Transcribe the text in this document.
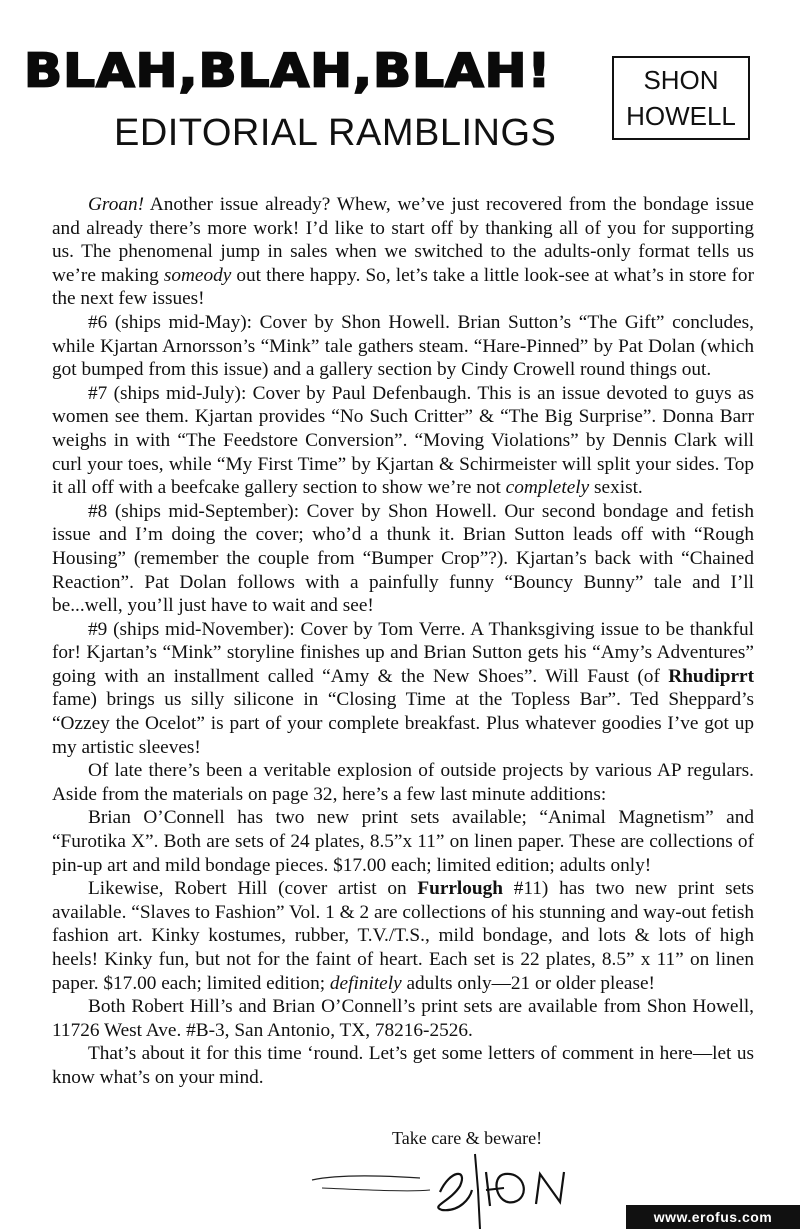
BLAH,BLAH,BLAH!
EDITORIAL RAMBLINGS
SHON
HOWELL

Groan! Another issue already? Whew, we’ve just recovered from the bondage issue and already there’s more work! I’d like to start off by thanking all of you for supporting us. The phenomenal jump in sales when we switched to the adults-only format tells us we’re making someody out there happy. So, let’s take a little look-see at what’s in store for the next few issues!

#6 (ships mid-May): Cover by Shon Howell. Brian Sutton’s “The Gift” concludes, while Kjartan Arnorsson’s “Mink” tale gathers steam. “Hare-Pinned” by Pat Dolan (which got bumped from this issue) and a gallery section by Cindy Crowell round things out.

#7 (ships mid-July): Cover by Paul Defenbaugh. This is an issue devoted to guys as women see them. Kjartan provides “No Such Critter” & “The Big Surprise”. Donna Barr weighs in with “The Feedstore Conversion”. “Moving Violations” by Dennis Clark will curl your toes, while “My First Time” by Kjartan & Schirmeister will split your sides. Top it all off with a beefcake gallery section to show we’re not completely sexist.

#8 (ships mid-September): Cover by Shon Howell. Our second bondage and fetish issue and I’m doing the cover; who’d a thunk it. Brian Sutton leads off with “Rough Housing” (remember the couple from “Bumper Crop”?). Kjartan’s back with “Chained Reaction”. Pat Dolan follows with a painfully funny “Bouncy Bunny” tale and I’ll be...well, you’ll just have to wait and see!

#9 (ships mid-November): Cover by Tom Verre. A Thanksgiving issue to be thankful for! Kjartan’s “Mink” storyline finishes up and Brian Sutton gets his “Amy’s Adventures” going with an installment called “Amy & the New Shoes”. Will Faust (of Rhudiprrt fame) brings us silly silicone in “Closing Time at the Topless Bar”. Ted Sheppard’s “Ozzey the Ocelot” is part of your complete breakfast. Plus whatever goodies I’ve got up my artistic sleeves!

Of late there’s been a veritable explosion of outside projects by various AP regulars. Aside from the materials on page 32, here’s a few last minute additions:

Brian O’Connell has two new print sets available; “Animal Magnetism” and “Furotika X”. Both are sets of 24 plates, 8.5”x 11” on linen paper. These are collections of pin-up art and mild bondage pieces. $17.00 each; limited edition; adults only!

Likewise, Robert Hill (cover artist on Furrlough #11) has two new print sets available. “Slaves to Fashion” Vol. 1 & 2 are collections of his stunning and way-out fetish fashion art. Kinky kostumes, rubber, T.V./T.S., mild bondage, and lots & lots of high heels! Kinky fun, but not for the faint of heart. Each set is 22 plates, 8.5” x 11” on linen paper. $17.00 each; limited edition; definitely adults only—21 or older please!

Both Robert Hill’s and Brian O’Connell’s print sets are available from Shon Howell, 11726 West Ave. #B-3, San Antonio, TX, 78216-2526.

That’s about it for this time ‘round. Let’s get some letters of comment in here—let us know what’s on your mind.

Take care & beware!
www.erofus.com
